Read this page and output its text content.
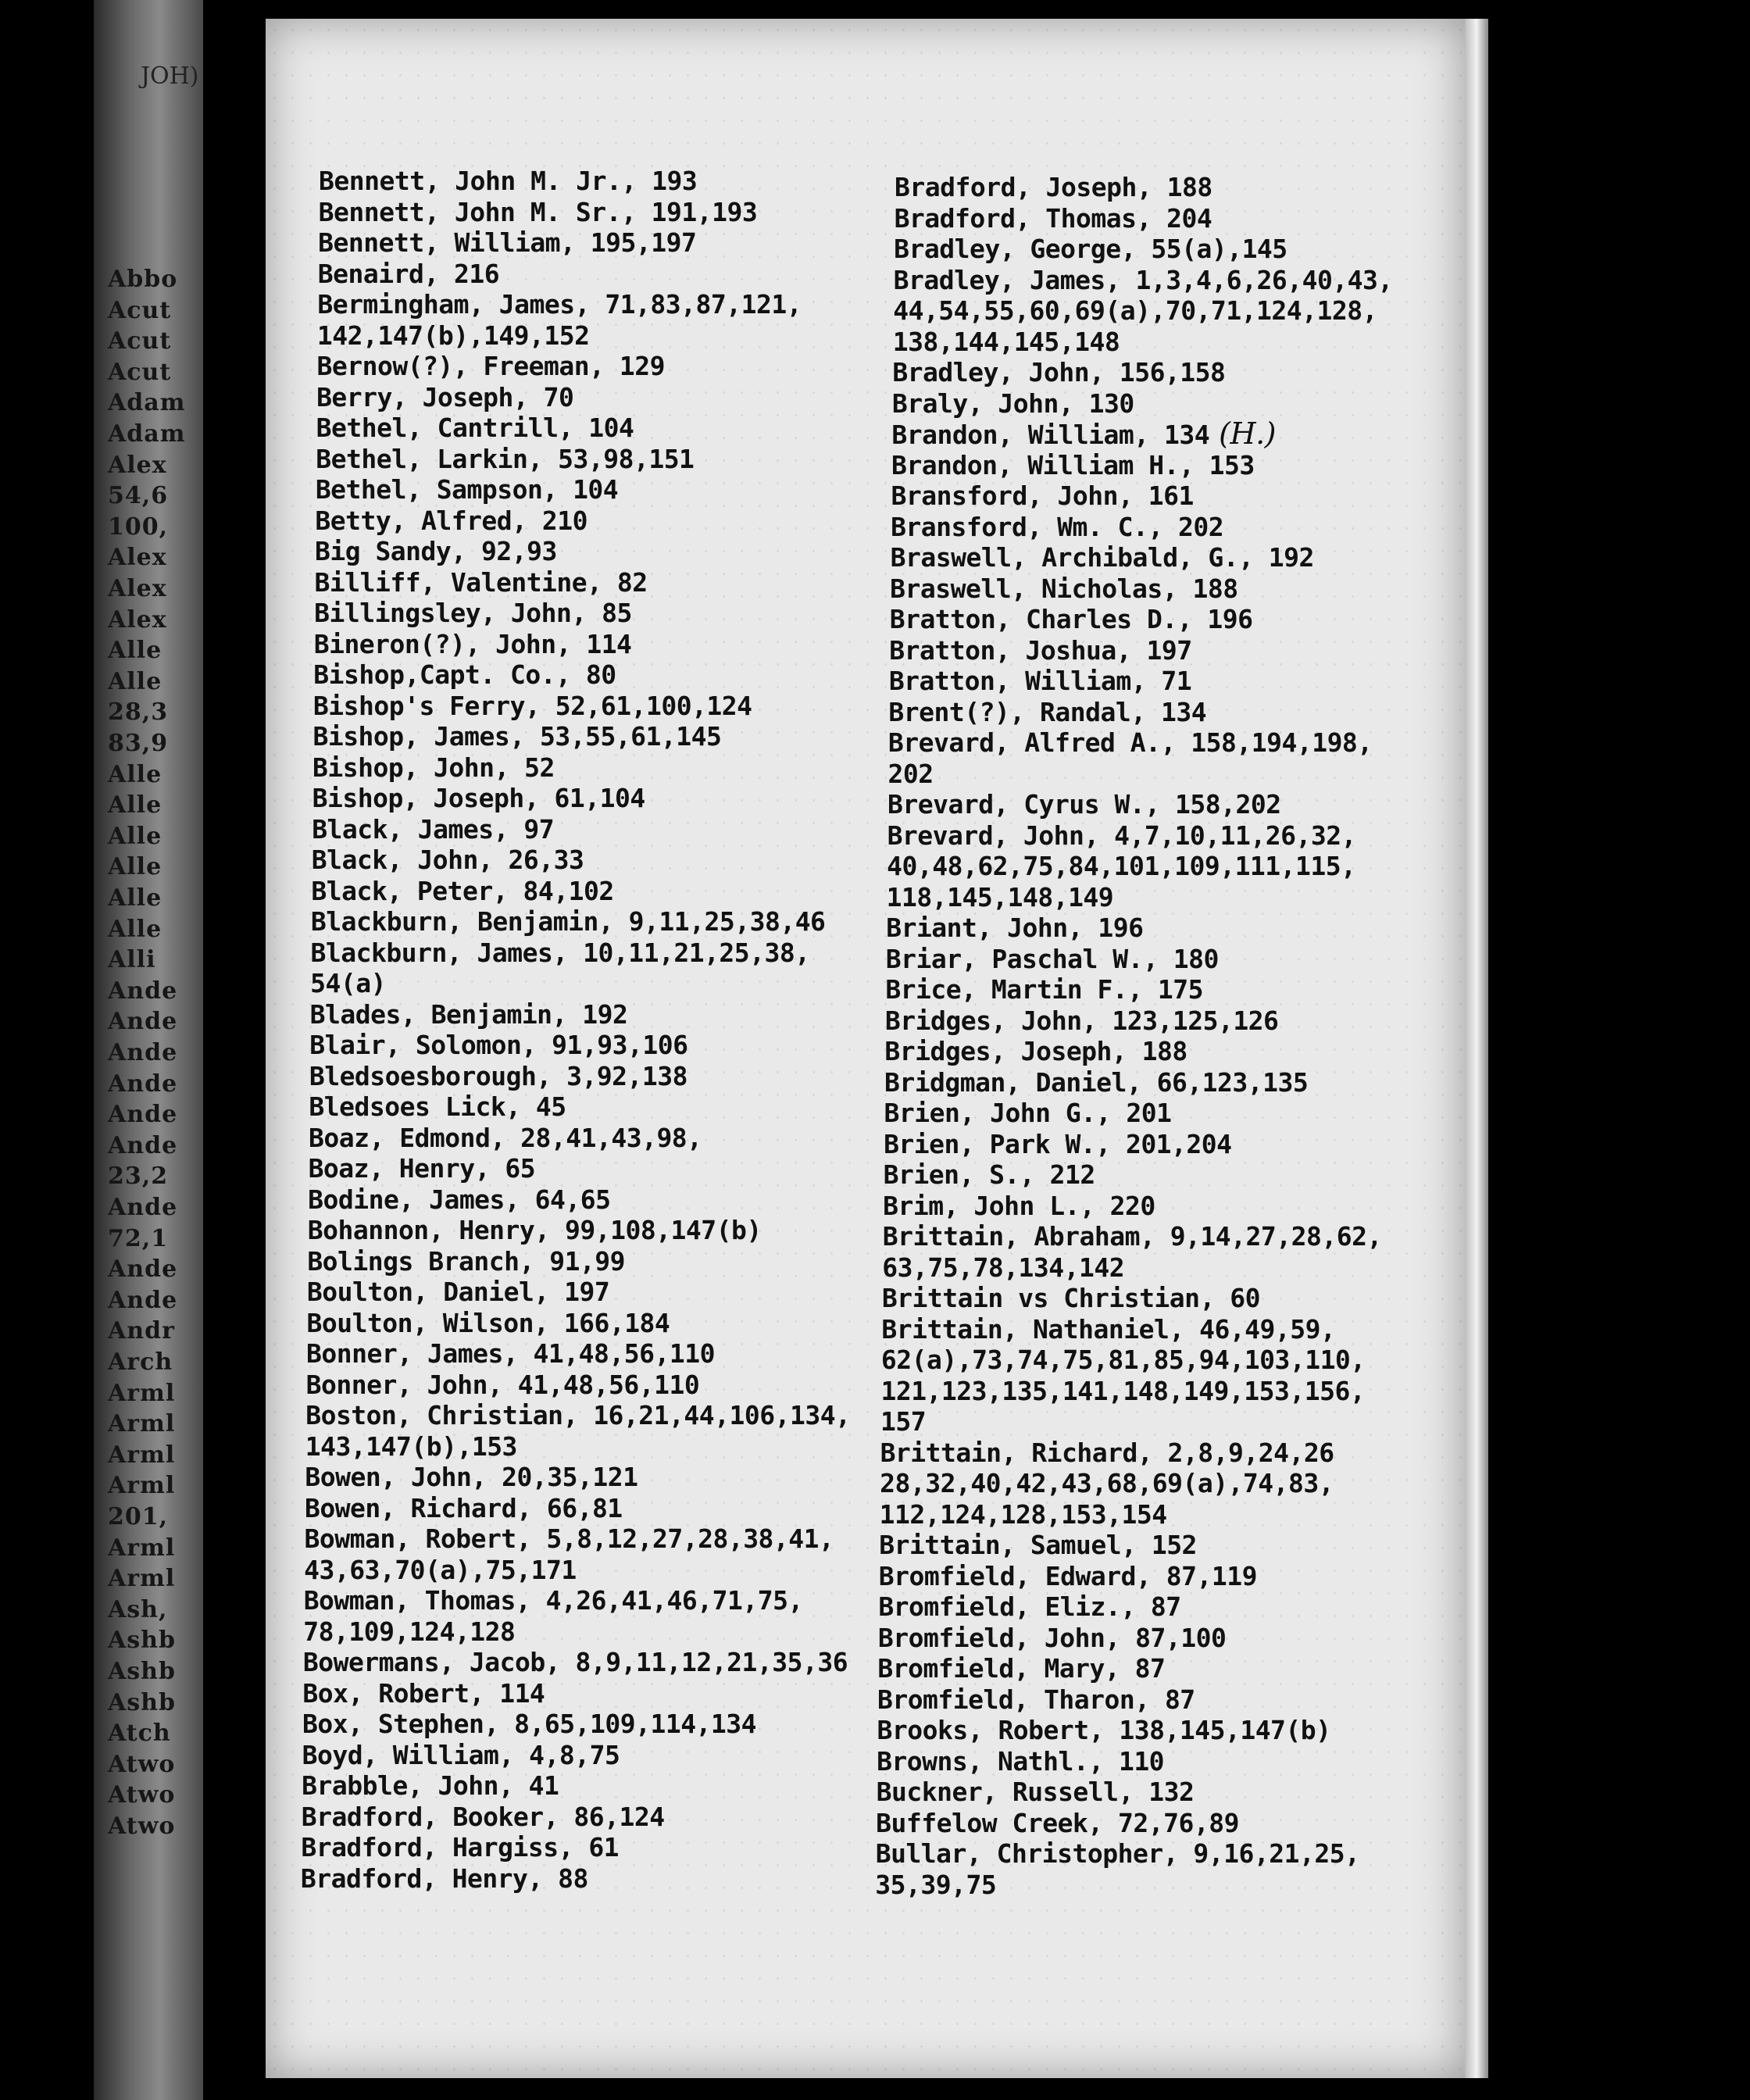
JOH)
Abbo
Acut
Acut
Acut
Adam
Adam
Alex
54,6
100,
Alex
Alex
Alex
Alle
Alle
28,3
83,9
Alle
Alle
Alle
Alle
Alle
Alle
Alli
Ande
Ande
Ande
Ande
Ande
Ande
23,2
Ande
72,1
Ande
Ande
Andr
Arch
Arml
Arml
Arml
Arml
201,
Arml
Arml
Ash,
Ashb
Ashb
Ashb
Atch
Atwo
Atwo
Atwo
Bennett, John M. Jr., 193
Bennett, John M. Sr., 191,193
Bennett, William, 195,197
Benaird, 216
Bermingham, James, 71,83,87,121,
142,147(b),149,152
Bernow(?), Freeman, 129
Berry, Joseph, 70
Bethel, Cantrill, 104
Bethel, Larkin, 53,98,151
Bethel, Sampson, 104
Betty, Alfred, 210
Big Sandy, 92,93
Billiff, Valentine, 82
Billingsley, John, 85
Bineron(?), John, 114
Bishop,Capt. Co., 80
Bishop's Ferry, 52,61,100,124
Bishop, James, 53,55,61,145
Bishop, John, 52
Bishop, Joseph, 61,104
Black, James, 97
Black, John, 26,33
Black, Peter, 84,102
Blackburn, Benjamin, 9,11,25,38,46
Blackburn, James, 10,11,21,25,38,
54(a)
Blades, Benjamin, 192
Blair, Solomon, 91,93,106
Bledsoesborough, 3,92,138
Bledsoes Lick, 45
Boaz, Edmond, 28,41,43,98,
Boaz, Henry, 65
Bodine, James, 64,65
Bohannon, Henry, 99,108,147(b)
Bolings Branch, 91,99
Boulton, Daniel, 197
Boulton, Wilson, 166,184
Bonner, James, 41,48,56,110
Bonner, John, 41,48,56,110
Boston, Christian, 16,21,44,106,134,
143,147(b),153
Bowen, John, 20,35,121
Bowen, Richard, 66,81
Bowman, Robert, 5,8,12,27,28,38,41,
43,63,70(a),75,171
Bowman, Thomas, 4,26,41,46,71,75,
78,109,124,128
Bowermans, Jacob, 8,9,11,12,21,35,36
Box, Robert, 114
Box, Stephen, 8,65,109,114,134
Boyd, William, 4,8,75
Brabble, John, 41
Bradford, Booker, 86,124
Bradford, Hargiss, 61
Bradford, Henry, 88
Bradford, Joseph, 188
Bradford, Thomas, 204
Bradley, George, 55(a),145
Bradley, James, 1,3,4,6,26,40,43,
44,54,55,60,69(a),70,71,124,128,
138,144,145,148
Bradley, John, 156,158
Braly, John, 130
Brandon, William, 134 (H.)
Brandon, William H., 153
Bransford, John, 161
Bransford, Wm. C., 202
Braswell, Archibald, G., 192
Braswell, Nicholas, 188
Bratton, Charles D., 196
Bratton, Joshua, 197
Bratton, William, 71
Brent(?), Randal, 134
Brevard, Alfred A., 158,194,198,
202
Brevard, Cyrus W., 158,202
Brevard, John, 4,7,10,11,26,32,
40,48,62,75,84,101,109,111,115,
118,145,148,149
Briant, John, 196
Briar, Paschal W., 180
Brice, Martin F., 175
Bridges, John, 123,125,126
Bridges, Joseph, 188
Bridgman, Daniel, 66,123,135
Brien, John G., 201
Brien, Park W., 201,204
Brien, S., 212
Brim, John L., 220
Brittain, Abraham, 9,14,27,28,62,
63,75,78,134,142
Brittain vs Christian, 60
Brittain, Nathaniel, 46,49,59,
62(a),73,74,75,81,85,94,103,110,
121,123,135,141,148,149,153,156,
157
Brittain, Richard, 2,8,9,24,26
28,32,40,42,43,68,69(a),74,83,
112,124,128,153,154
Brittain, Samuel, 152
Bromfield, Edward, 87,119
Bromfield, Eliz., 87
Bromfield, John, 87,100
Bromfield, Mary, 87
Bromfield, Tharon, 87
Brooks, Robert, 138,145,147(b)
Browns, Nathl., 110
Buckner, Russell, 132
Buffelow Creek, 72,76,89
Bullar, Christopher, 9,16,21,25,
35,39,75
